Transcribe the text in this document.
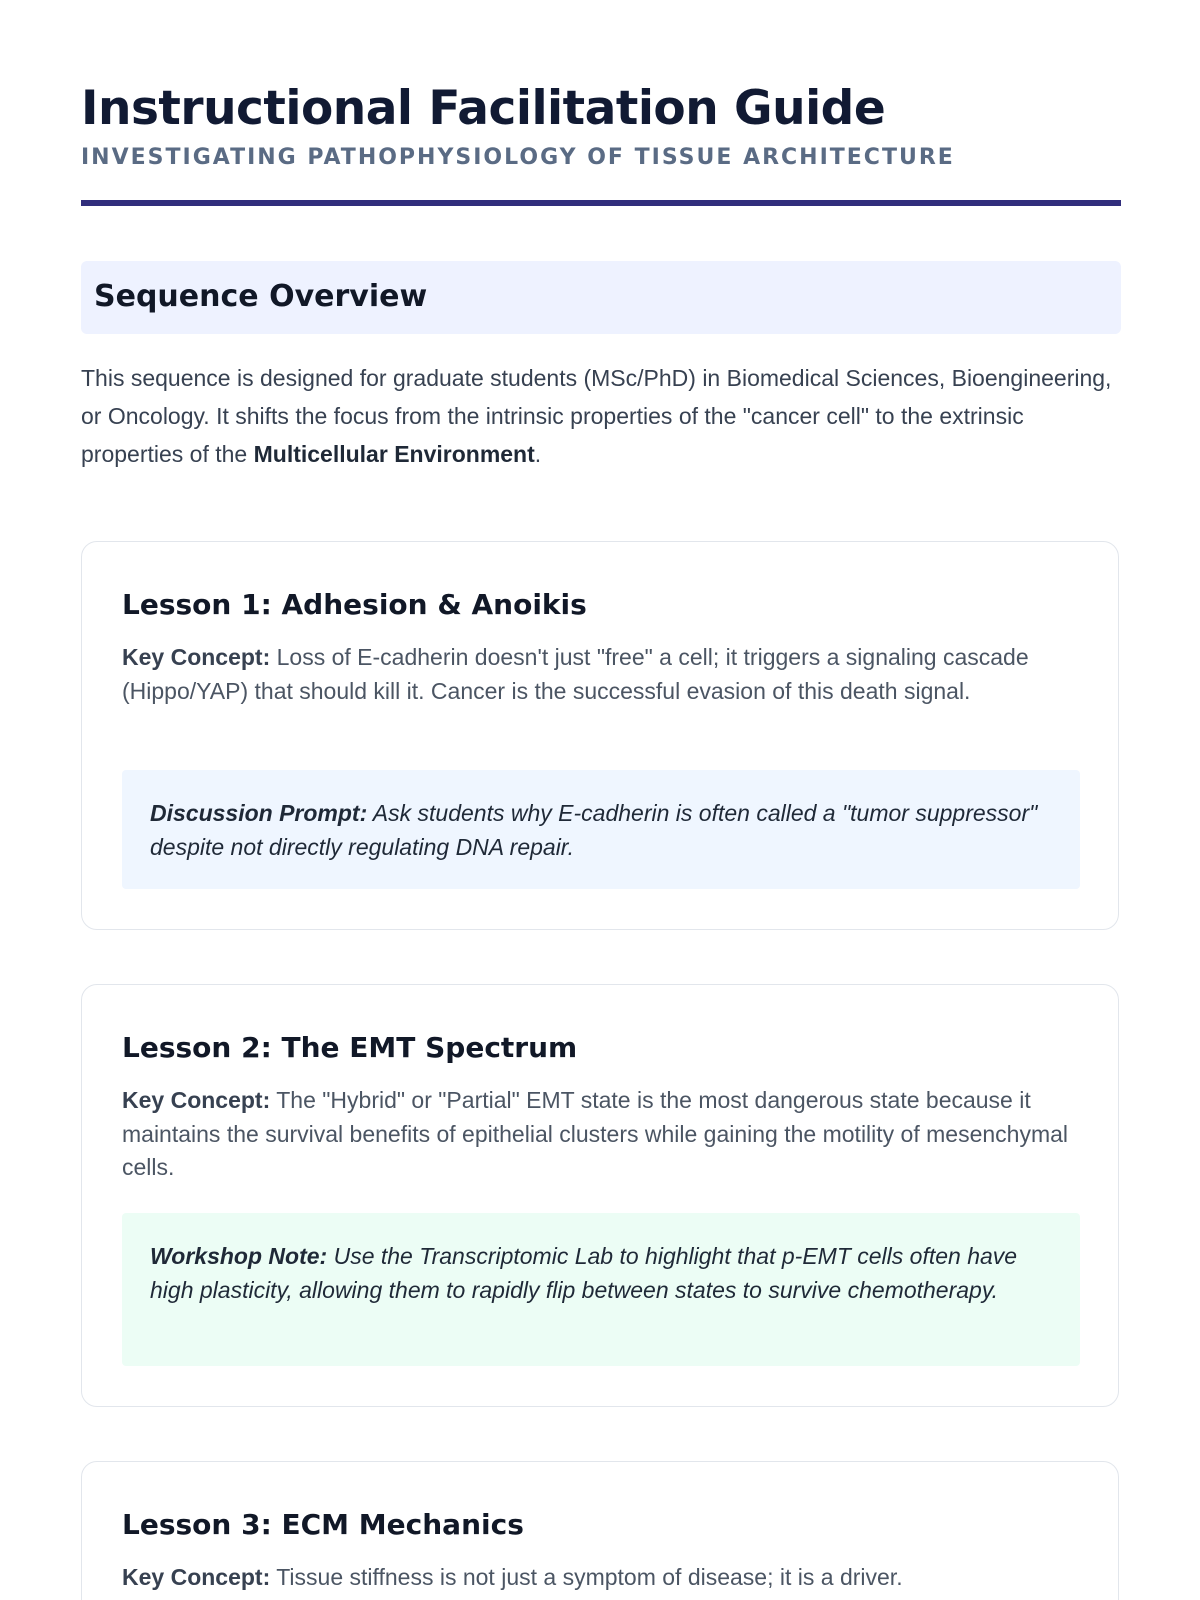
Instructional Facilitation Guide
INVESTIGATING PATHOPHYSIOLOGY OF TISSUE ARCHITECTURE
Sequence Overview

This sequence is designed for graduate students (MSc/PhD) in Biomedical Sciences, Bioengineering, or Oncology. It shifts the focus from the intrinsic properties of the "cancer cell" to the extrinsic properties of the Multicellular Environment.

Lesson 1: Adhesion & Anoikis

Key Concept: Loss of E-cadherin doesn't just "free" a cell; it triggers a signaling cascade (Hippo/YAP) that should kill it. Cancer is the successful evasion of this death signal.

Discussion Prompt: Ask students why E-cadherin is often called a "tumor suppressor" despite not directly regulating DNA repair.
Lesson 2: The EMT Spectrum

Key Concept: The "Hybrid" or "Partial" EMT state is the most dangerous state because it maintains the survival benefits of epithelial clusters while gaining the motility of mesenchymal cells.

Workshop Note: Use the Transcriptomic Lab to highlight that p-EMT cells often have high plasticity, allowing them to rapidly flip between states to survive chemotherapy.
Lesson 3: ECM Mechanics

Key Concept: Tissue stiffness is not just a symptom of disease; it is a driver.
